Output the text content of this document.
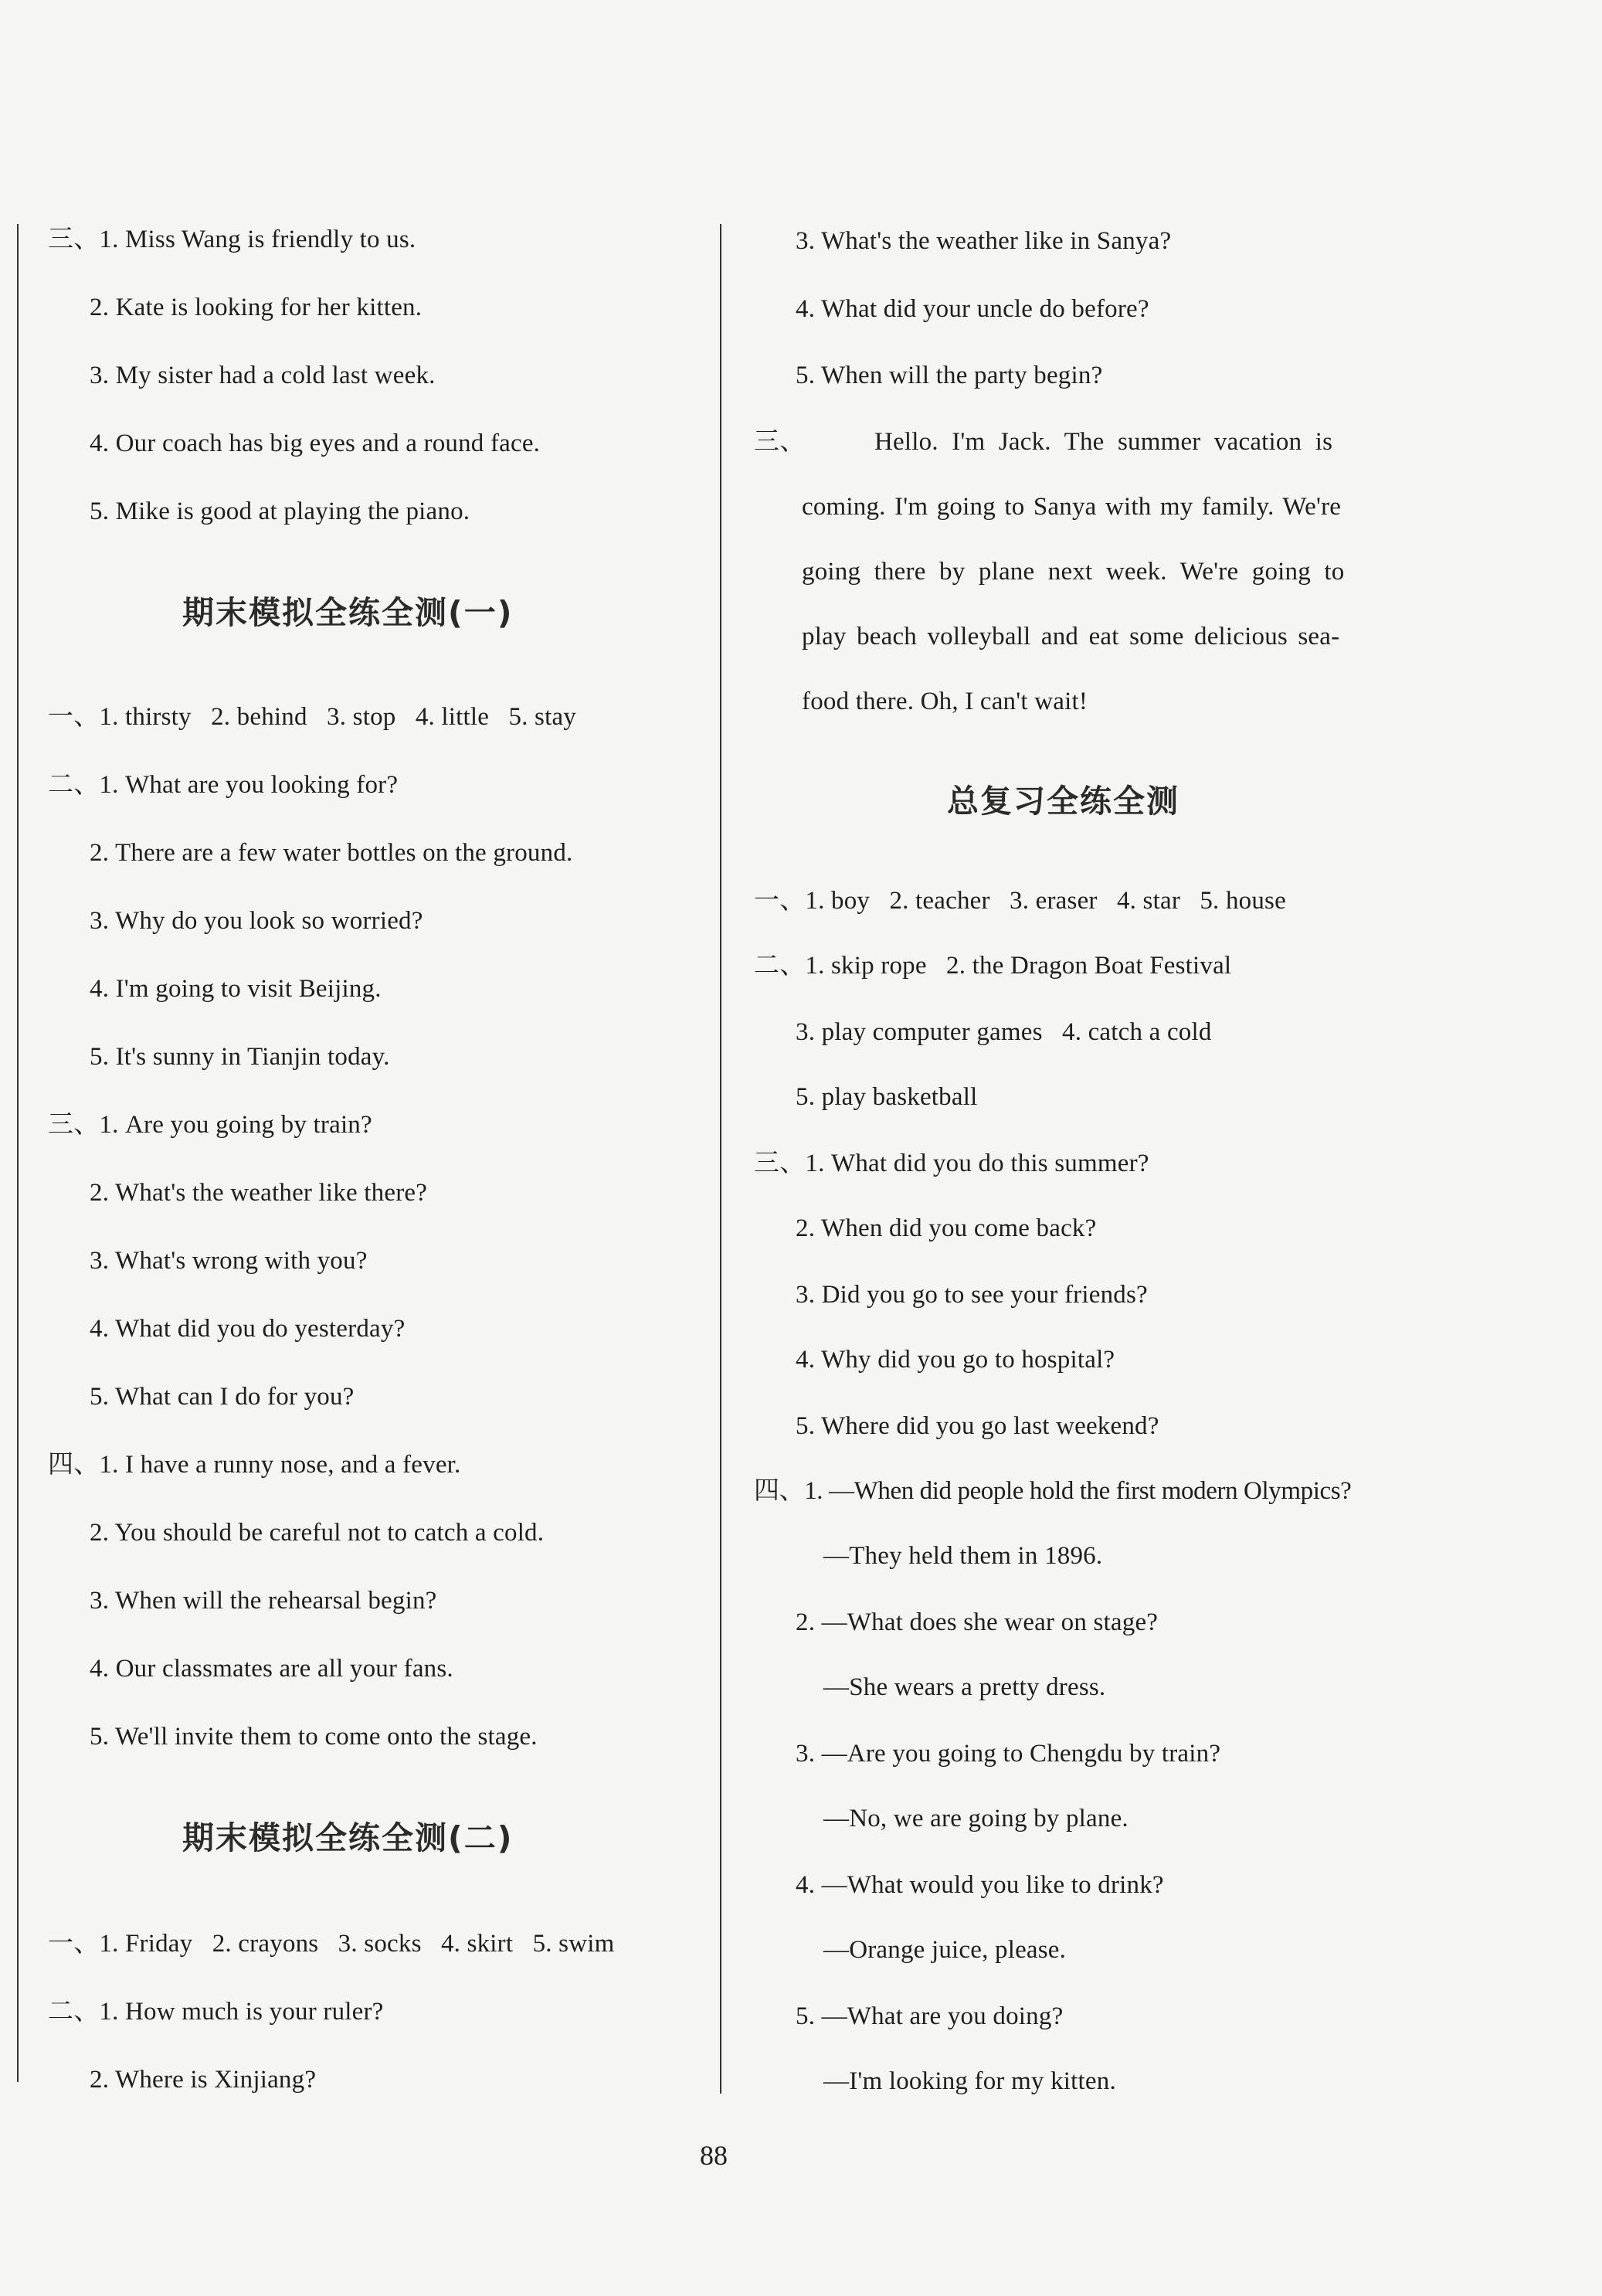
三、1. Miss Wang is friendly to us.
2. Kate is looking for her kitten.
3. My sister had a cold last week.
4. Our coach has big eyes and a round face.
5. Mike is good at playing the piano.
期末模拟全练全测(一)
一、1. thirsty   2. behind   3. stop   4. little   5. stay
二、1. What are you looking for?
2. There are a few water bottles on the ground.
3. Why do you look so worried?
4. I'm going to visit Beijing.
5. It's sunny in Tianjin today.
三、1. Are you going by train?
2. What's the weather like there?
3. What's wrong with you?
4. What did you do yesterday?
5. What can I do for you?
四、1. I have a runny nose, and a fever.
2. You should be careful not to catch a cold.
3. When will the rehearsal begin?
4. Our classmates are all your fans.
5. We'll invite them to come onto the stage.
期末模拟全练全测(二)
一、1. Friday   2. crayons   3. socks   4. skirt   5. swim
二、1. How much is your ruler?
2. Where is Xinjiang?
3. What's the weather like in Sanya?
4. What did your uncle do before?
5. When will the party begin?
三、	Hello. I'm Jack. The summer vacation is
coming. I'm going to Sanya with my family. We're
going there by plane next week. We're going to
play beach volleyball and eat some delicious sea-
food there. Oh, I can't wait!
总复习全练全测
一、1. boy   2. teacher   3. eraser   4. star   5. house
二、1. skip rope   2. the Dragon Boat Festival
3. play computer games   4. catch a cold
5. play basketball
三、1. What did you do this summer?
2. When did you come back?
3. Did you go to see your friends?
4. Why did you go to hospital?
5. Where did you go last weekend?
四、1. —When did people hold the first modern Olympics?
—They held them in 1896.
2. —What does she wear on stage?
—She wears a pretty dress.
3. —Are you going to Chengdu by train?
—No, we are going by plane.
4. —What would you like to drink?
—Orange juice, please.
5. —What are you doing?
—I'm looking for my kitten.
88
